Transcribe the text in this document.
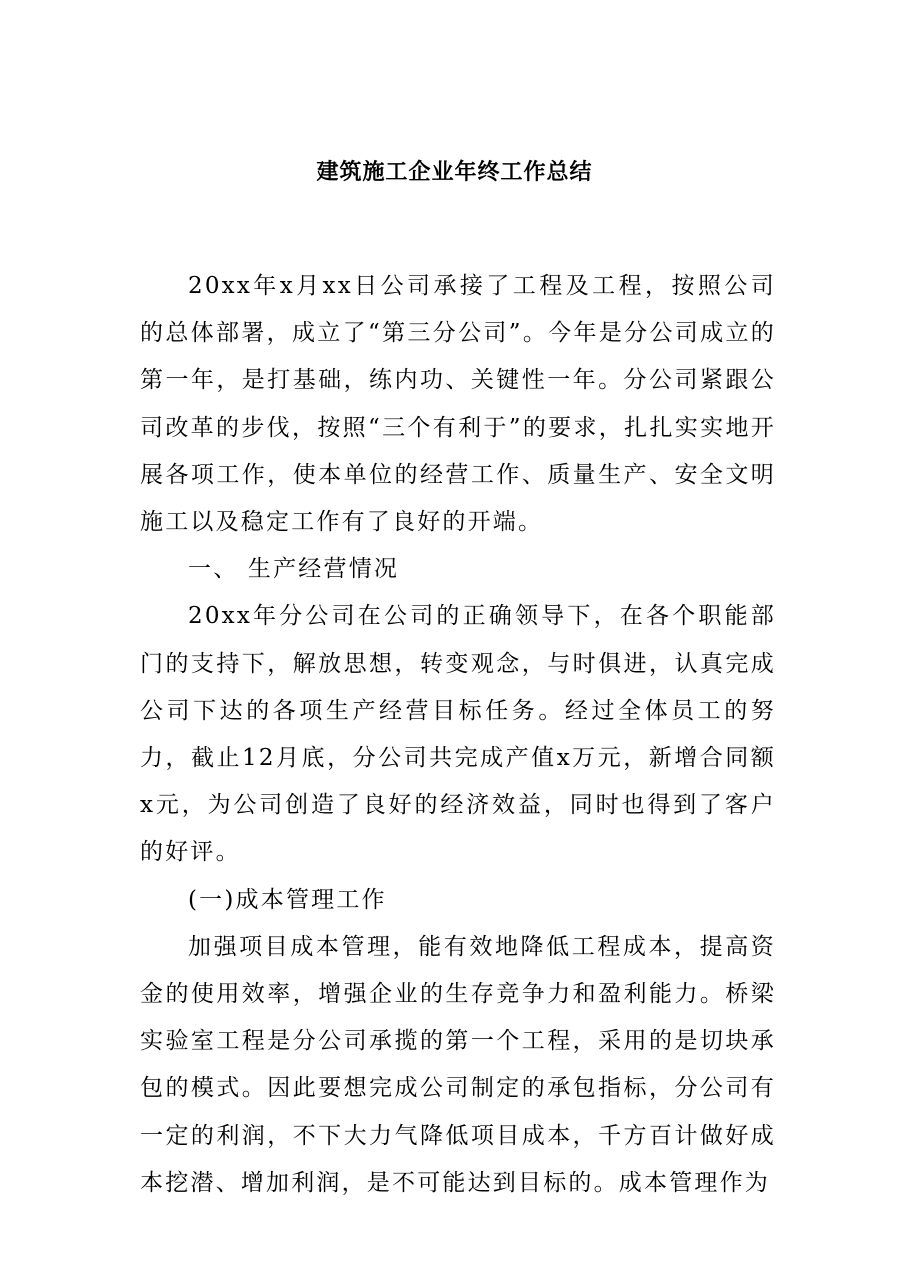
建筑施工企业年终工作总结

20xx年x月xx日公司承接了工程及工程，按照公司的总体部署，成立了“第三分公司”。今年是分公司成立的第一年，是打基础，练内功、关键性一年。分公司紧跟公司改革的步伐，按照“三个有利于”的要求，扎扎实实地开展各项工作，使本单位的经营工作、质量生产、安全文明施工以及稳定工作有了良好的开端。

一、 生产经营情况

20xx年分公司在公司的正确领导下，在各个职能部门的支持下，解放思想，转变观念，与时俱进，认真完成公司下达的各项生产经营目标任务。经过全体员工的努力，截止12月底，分公司共完成产值x万元，新增合同额x元，为公司创造了良好的经济效益，同时也得到了客户的好评。

(一)成本管理工作

加强项目成本管理，能有效地降低工程成本，提高资金的使用效率，增强企业的生存竞争力和盈利能力。桥梁实验室工程是分公司承揽的第一个工程，采用的是切块承包的模式。因此要想完成公司制定的承包指标，分公司有一定的利润，不下大力气降低项目成本，千方百计做好成本挖潜、增加利润，是不可能达到目标的。成本管理作为
